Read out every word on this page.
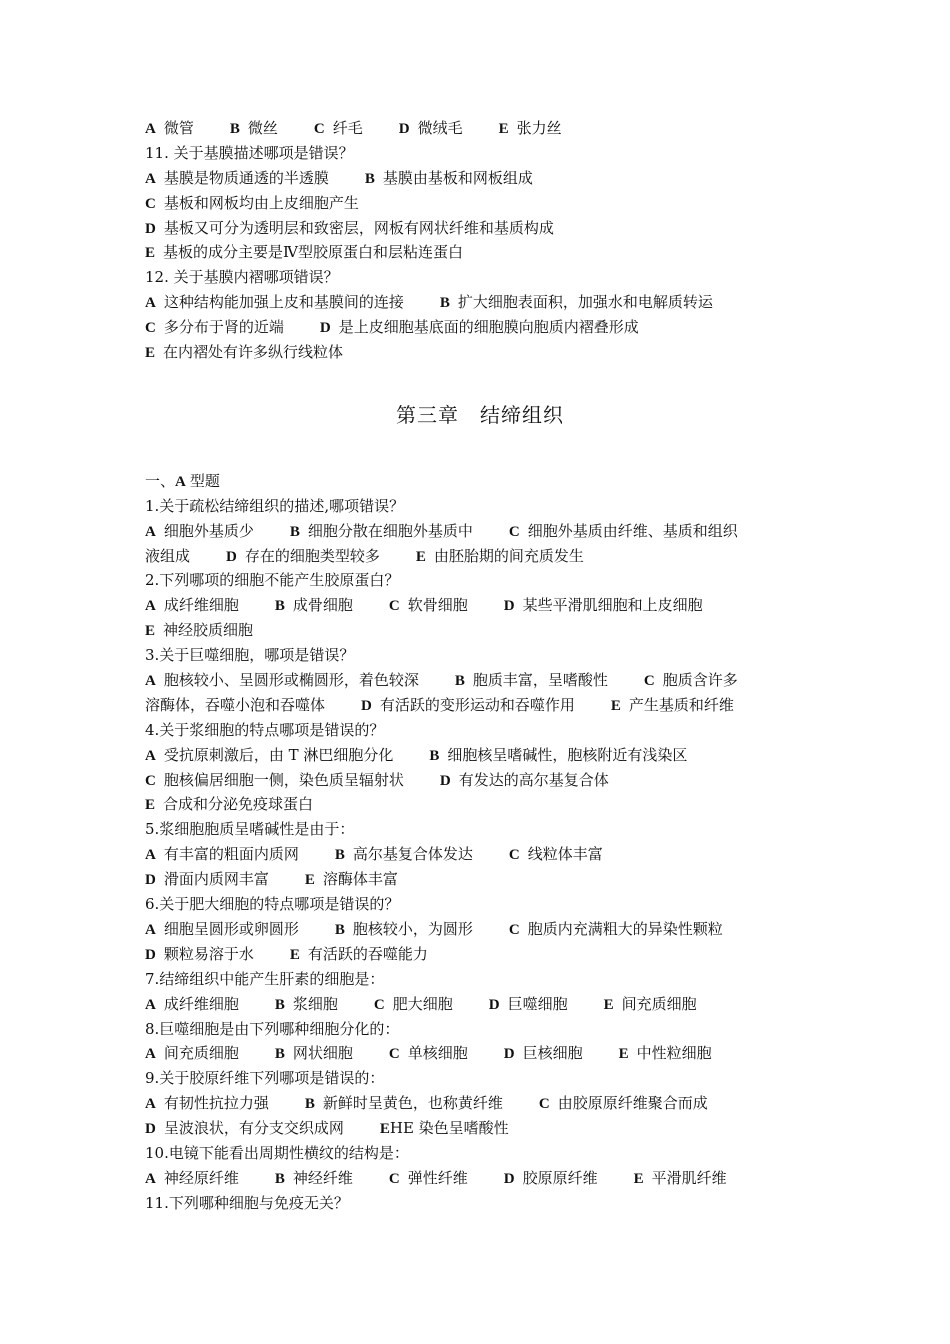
A 微管 B 微丝 C 纤毛 D 微绒毛 E 张力丝
11. 关于基膜描述哪项是错误？
A 基膜是物质通透的半透膜 B 基膜由基板和网板组成
C 基板和网板均由上皮细胞产生
D 基板又可分为透明层和致密层，网板有网状纤维和基质构成
E 基板的成分主要是Ⅳ型胶原蛋白和层粘连蛋白
12. 关于基膜内褶哪项错误？
A 这种结构能加强上皮和基膜间的连接 B 扩大细胞表面积，加强水和电解质转运
C 多分布于肾的近端 D 是上皮细胞基底面的细胞膜向胞质内褶叠形成
E 在内褶处有许多纵行线粒体
第三章　结缔组织
一、A 型题
1.关于疏松结缔组织的描述,哪项错误？
A 细胞外基质少 B 细胞分散在细胞外基质中 C 细胞外基质由纤维、基质和组织
液组成 D 存在的细胞类型较多 E 由胚胎期的间充质发生
2.下列哪项的细胞不能产生胶原蛋白？
A 成纤维细胞 B 成骨细胞 C 软骨细胞 D 某些平滑肌细胞和上皮细胞
E 神经胶质细胞
3.关于巨噬细胞，哪项是错误？
A 胞核较小、呈圆形或椭圆形，着色较深 B 胞质丰富，呈嗜酸性 C 胞质含许多
溶酶体，吞噬小泡和吞噬体 D 有活跃的变形运动和吞噬作用 E 产生基质和纤维
4.关于浆细胞的特点哪项是错误的？
A 受抗原刺激后，由 T 淋巴细胞分化 B 细胞核呈嗜碱性，胞核附近有浅染区
C 胞核偏居细胞一侧，染色质呈辐射状 D 有发达的高尔基复合体
E 合成和分泌免疫球蛋白
5.浆细胞胞质呈嗜碱性是由于：
A 有丰富的粗面内质网 B 高尔基复合体发达 C 线粒体丰富
D 滑面内质网丰富 E 溶酶体丰富
6.关于肥大细胞的特点哪项是错误的？
A 细胞呈圆形或卵圆形 B 胞核较小，为圆形 C 胞质内充满粗大的异染性颗粒
D 颗粒易溶于水 E 有活跃的吞噬能力
7.结缔组织中能产生肝素的细胞是：
A 成纤维细胞 B 浆细胞 C 肥大细胞 D 巨噬细胞 E 间充质细胞
8.巨噬细胞是由下列哪种细胞分化的：
A 间充质细胞 B 网状细胞 C 单核细胞 D 巨核细胞 E 中性粒细胞
9.关于胶原纤维下列哪项是错误的：
A 有韧性抗拉力强 B 新鲜时呈黄色，也称黄纤维 C 由胶原原纤维聚合而成
D 呈波浪状，有分支交织成网 EHE 染色呈嗜酸性
10.电镜下能看出周期性横纹的结构是：
A 神经原纤维 B 神经纤维 C 弹性纤维 D 胶原原纤维 E 平滑肌纤维
11.下列哪种细胞与免疫无关？
